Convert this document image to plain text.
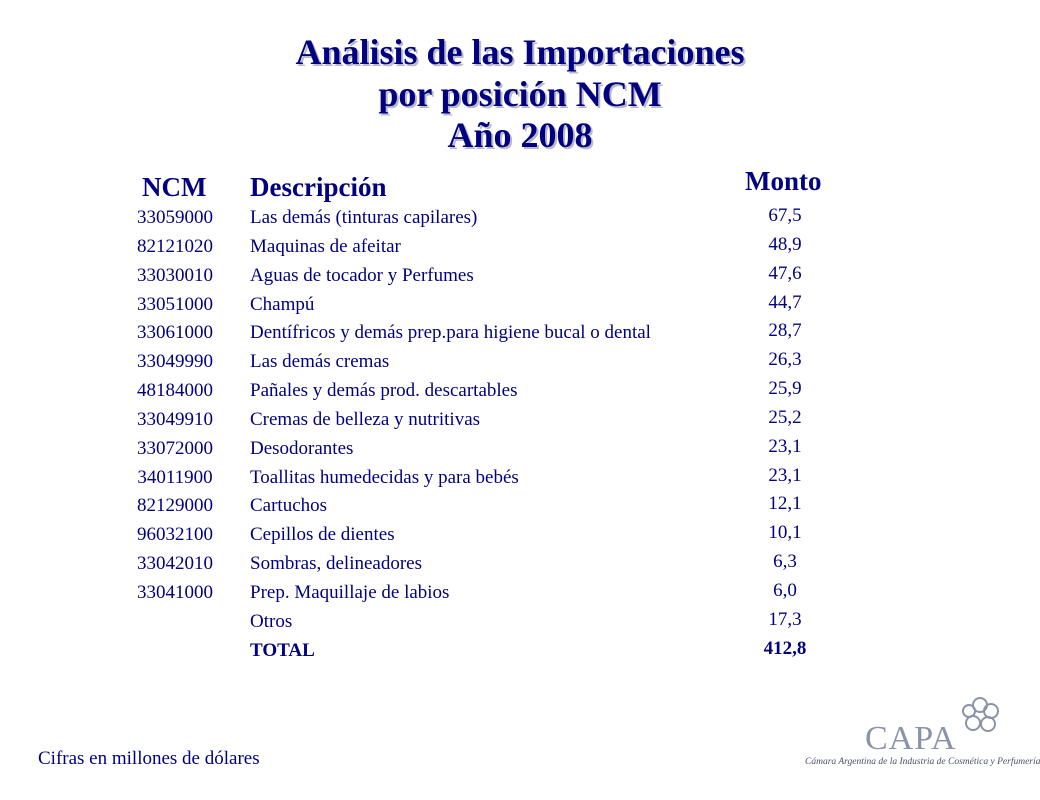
Análisis de las Importaciones
por posición NCM
Año 2008
NCM Descripción	Monto
33059000
82121020
33030010
33051000
33061000
33049990
48184000
33049910
33072000
34011900
82129000
96032100
33042010
33041000
Las demás (tinturas capilares)
Maquinas de afeitar
Aguas de tocador y Perfumes
Champú
Dentífricos y demás prep.para higiene bucal o dental
Las demás cremas
Pañales y demás prod. descartables
Cremas de belleza y nutritivas
Desodorantes
Toallitas humedecidas y para bebés
Cartuchos
Cepillos de dientes
Sombras, delineadores
Prep. Maquillaje de labios
Otros
TOTAL
67,5
48,9
47,6
44,7
28,7
26,3
25,9
25,2
23,1
23,1
12,1
10,1
6,3
6,0
17,3
412,8
Cifras en millones de dólares
CAPA
Cámara Argentina de la Industria de Cosmética y Perfumería
